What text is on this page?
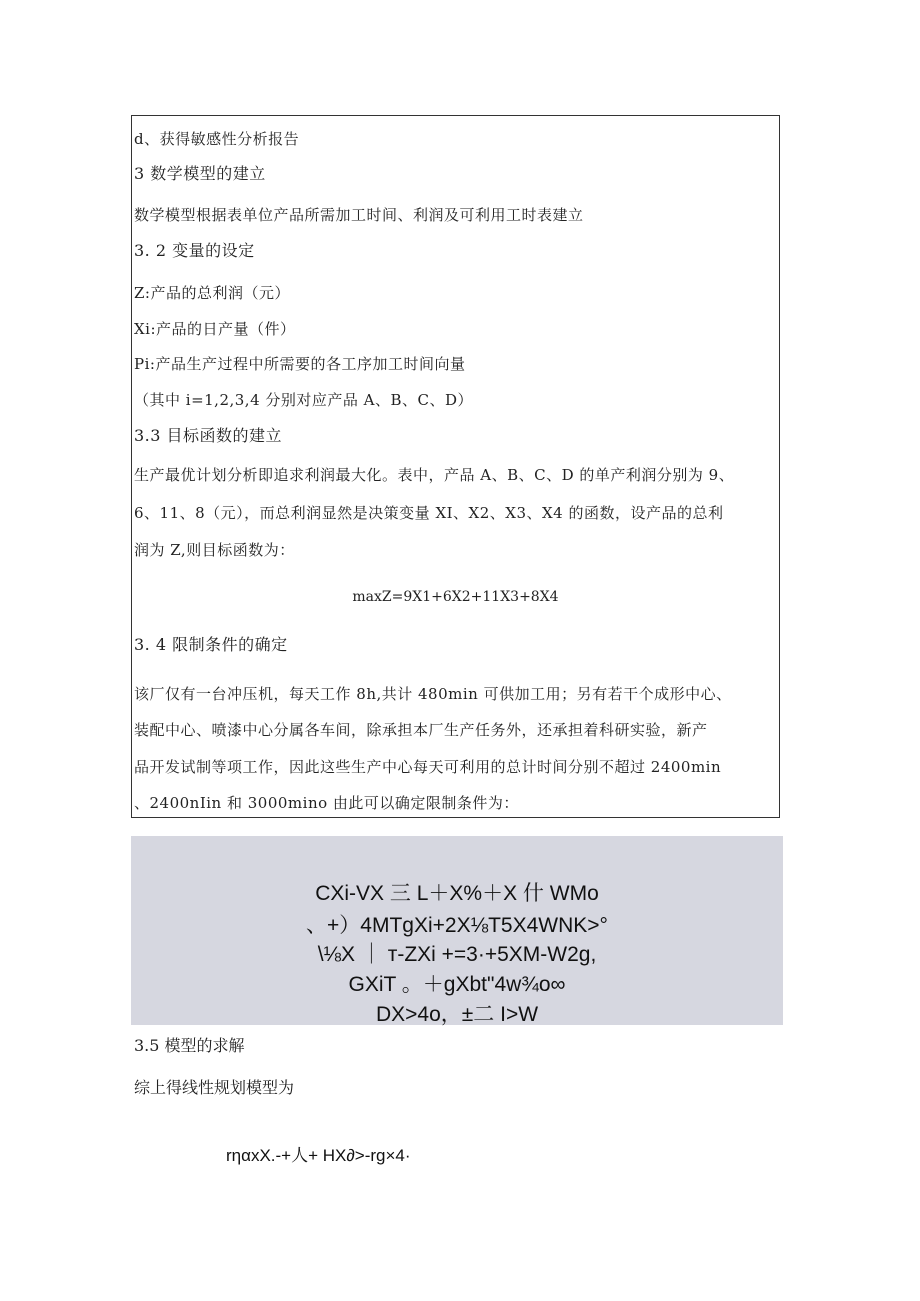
d、获得敏感性分析报告
3 数学模型的建立
数学模型根据表单位产品所需加工时间、利润及可利用工时表建立
3. 2 变量的设定
Z:产品的总利润（元）
Xi:产品的日产量（件）
Pi:产品生产过程中所需要的各工序加工时间向量
（其中 i=1,2,3,4 分别对应产品 A、B、C、D）
3.3 目标函数的建立
生产最优计划分析即追求利润最大化。表中，产品 A、B、C、D 的单产利润分别为 9、
6、11、8（元），而总利润显然是决策变量 XI、X2、X3、X4 的函数，设产品的总利
润为 Z,则目标函数为：
maxZ=9X1+6X2+11X3+8X4
3. 4 限制条件的确定
该厂仅有一台冲压机，每天工作 8h,共计 480min 可供加工用；另有若干个成形中心、
装配中心、喷漆中心分属各车间，除承担本厂生产任务外，还承担着科研实验，新产
品开发试制等项工作，因此这些生产中心每天可利用的总计时间分别不超过 2400min
、2400nIin 和 3000mino 由此可以确定限制条件为：
CXi-VX 三 L＋X%＋X 什 WMo
、+）4MTgXi+2X⅛T5X4WNK>°
\⅛X ｜ т-ZXi +=3·+5XM-W2g,
GXiT 。＋gXbt"4w¾o∞
DX>4o，±二 I>W
3.5 模型的求解
综上得线性规划模型为
rηαxX.-+人+ HX∂>-rg×4·
